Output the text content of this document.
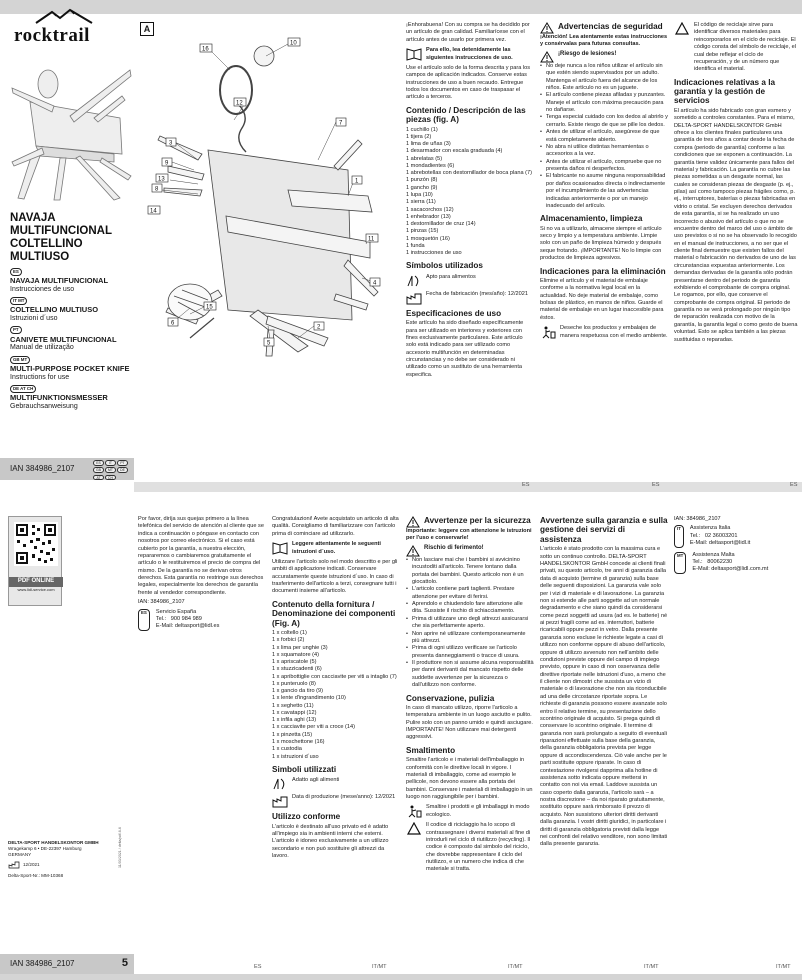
rocktrail
NAVAJA
MULTIFUNCIONAL
COLTELLINO
MULTIUSO
ES
NAVAJA MULTIFUNCIONAL
Instrucciones de uso
IT MT
COLTELLINO MULTIUSO
Istruzioni d´uso
PT
CANIVETE MULTIFUNCIONAL
Manual de utilização
GB MT
MULTI-PURPOSE POCKET KNIFE
Instructions for use
DE AT CH
MULTIFUNKTIONSMESSER
Gebrauchsanweisung
IAN 384986_2107
ES IT PTGB MT DEAT CH
A
16
10
12
7
3
9
13
8
14
1
11
4
15
6
2
5
¡Enhorabuena! Con su compra se ha decidido por un artículo de gran calidad. Familiarícese con el artículo antes de usarlo por primera vez.
Para ello, lea detenidamente las siguientes instrucciones de uso.
Use el artículo solo de la forma descrita y para los campos de aplicación indicados. Conserve estas instrucciones de uso a buen recaudo. Entregue todos los documentos en caso de traspasar el artículo a terceros.
Contenido / Descripción de las piezas (fig. A)
1 cuchillo (1)
1 tijera (2)
1 lima de uñas (3)
1 desarmador con escala graduada (4)
1 abrelatas (5)
1 mondadientes (6)
1 abrebotellas con destornillador de boca plana (7)
1 punzón (8)
1 gancho (9)
1 lupa (10)
1 sierra (11)
1 sacacorchos (12)
1 enhebrador (13)
1 destornillador de cruz (14)
1 pinzas (15)
1 mosquetón (16)
1 funda
1 instrucciones de uso
Símbolos utilizados
Apto para alimentos
Fecha de fabricación (mes/año): 12/2021
Especificaciones de uso
Este artículo ha sido diseñado específicamente para ser utilizado en interiores y exteriores con fines exclusivamente particulares. Este artículo solo está indicado para ser utilizado como accesorio multifunción en determinadas circunstancias y no debe ser considerado ni utilizado como un sustituto de una herramienta especifica.
Advertencias de seguridad
¡Atención! Lea atentamente estas instrucciones y consérvalas para futuras consultas.
¡Riesgo de lesiones!
• No deje nunca a los niños utilizar el artículo sin que estén siendo supervisados por un adulto. Mantenga el artículo fuera del alcance de los niños. Este artículo no es un juguete.
• El artículo contiene piezas afiladas y punzantes. Maneje el artículo con máxima precaución para no dañarse.
• Tenga especial cuidado con los dedos al abrirlo y cerrarlo. Existe riesgo de que se pille los dedos.
• Antes de utilizar el artículo, asegúrese de que está completamente abierto.
• No abra ni utilice distintas herramientas o accesorios a la vez.
• Antes de utilizar el artículo, compruebe que no presenta daños ni desperfectos.
• El fabricante no asume ninguna responsabilidad por daños ocasionados directa o indirectamente por el incumplimiento de las advertencias indicadas anteriormente o por un manejo inadecuado del artículo.
Almacenamiento, limpieza
Si no va a utilizarlo, almacene siempre el artículo seco y limpio y a temperatura ambiente. Limpie solo con un paño de limpieza húmedo y después seque frotando. ¡IMPORTANTE! No lo limpie con productos de limpieza agresivos.
Indicaciones para la eliminación
Elimine el artículo y el material de embalaje conforme a la normativa legal local en la actualidad. No deje material de embalaje, como bolsas de plástico, en manos de niños. Guarde el material de embalaje en un lugar inaccesible para éstos.
Deseche los productos y embalajes de manera respetuosa con el medio ambiente.
El código de reciclaje sirve para identificar diversos materiales para reincorporarlos en el ciclo de reciclaje. El código consta del símbolo de reciclaje, el cual debe reflejar el ciclo de recuperación, y de un número que identifica el material.
Indicaciones relativas a la garantía y la gestión de servicios
El artículo ha sido fabricado con gran esmero y sometido a controles constantes. Para el mismo, DELTA-SPORT HANDELSKONTOR GmbH ofrece a los clientes finales particulares una garantía de tres años a contar desde la fecha de compra (periodo de garantía) conforme a las condiciones que se exponen a continuación. La garantía tiene validez únicamente para fallos del material y fabricación. La garantía no cubre las piezas sometidas a un desgaste normal, las cuales se consideran piezas de desgaste (p. ej., pilas) así como tampoco piezas frágiles como, p. ej., interruptores, baterías o piezas fabricadas en vidrio o cristal. Se excluyen derechos derivados de esta garantía, si se ha realizado un uso incorrecto o abusivo del artículo o que no se encuentre dentro del marco del uso o ámbito de uso previstos o si no se ha observado lo recogido en el manual de instrucciones, a no ser que el cliente final demuestre que existen fallos del material o fabricación no derivados de uno de las circunstancias expuestas anteriormente. Los demandas derivadas de la garantía sólo podrán presentarse dentro del periodo de garantía exhibiendo el comprobante de compra original. Le rogamos, por ello, que conserve el comprobante de compra original. El periodo de garantía no se verá prolongado por ningún tipo de reparación realizada con motivo de la garantía, la garantía legal o como gesto de buena voluntad. Esto se aplica también a las piezas sustituidas o reparadas.
ES	ES	ES
PDF ONLINE
www.lidl-service.com
DELTA-SPORT HANDELSKONTOR GMBH
Wragekamp 6 • DE-22397 Hamburg
GERMANY
12/2021
Delta-Sport-Nr.: MM-10368
11/03/2021 / delta/pdf-6-6
IAN 384986_2107	5
Por favor, diríja sus quejas primero a la línea telefónica del servicio de atención al cliente que se indica a continuación o póngase en contacto con nosotros por correo electrónico. Si el caso está cubierto por la garantía, a nuestra elección, repararemos o cambiaremos gratuitamente el artículo o le restituiremos el precio de compra del mismo. De la garantía no se derivan otros derechos. Esta garantía no restringe sus derechos legales, especialmente los derechos de garantía frente al vendedor correspondiente.
IAN: 384986_2107
ES	Servicio España
Tel.: 900 984 989
E-Mail: deltasport@lidl.es
Congratulazioni! Avete acquistato un articolo di alta qualità. Consigliamo di familiarizzare con l'articolo prima di cominciare ad utilizzarlo.
Leggere attentamente le seguenti istruzioni d´uso.
Utilizzare l'articolo solo nel modo descritto e per gli ambiti di applicazione indicati. Conservare accuratamente queste istruzioni d´uso. In caso di trasferimento dell'articolo a terzi, consegnare tutti i documenti insieme all'articolo.
Contenuto della fornitura / Denominazione dei componenti (Fig. A)
1 x coltello (1)
1 x forbici (2)
1 x lima per unghie (3)
1 x squamatore (4)
1 x apriscatole (5)
1 x stuzzicadenti (6)
1 x apribottiglie con cacciavite per viti a intaglio (7)
1 x punteruolo (8)
1 x gancio da tiro (9)
1 x lente d'ingrandimento (10)
1 x seghetto (11)
1 x cavatappi (12)
1 x infila aghi (13)
1 x cacciavite per viti a croce (14)
1 x pinzetta (15)
1 x moschettone (16)
1 x custodia
1 x istruzioni d´uso
Simboli utilizzati
Adatto agli alimenti
Data di produzione (mese/anno): 12/2021
Utilizzo conforme
L'articolo è destinato all'uso privato ed è adatto all'impiego sia in ambienti interni che esterni. L'articolo è idoneo esclusivamente a un utilizzo secondario e non può sostituire gli attrezzi da lavoro.
Avvertenze per la sicurezza
Importante: leggere con attenzione le istruzioni per l'uso e conservarle!
Rischio di ferimento!
• Non lasciare mai che i bambini si avvicinino incustoditi all'articolo. Tenere lontano dalla portata dei bambini. Questo articolo non è un giocattolo.
• L'articolo contiene parti taglienti. Prestare attenzione per evitare di ferirsi.
• Aprendolo e chiudendolo fare attenzione alle dita. Sussiste il rischio di schiacciamento.
• Prima di utilizzare uno degli attrezzi assicurarsi che sia perfettamente aperto.
• Non aprire né utilizzare contemporaneamente più attrezzi.
• Prima di ogni utilizzo verificare se l'articolo presenta danneggiamenti o tracce di usura.
• Il produttore non si assume alcuna responsabilità per danni derivanti dal mancato rispetto delle suddette avvertenze per la sicurezza o dall'utilizzo non conforme.
Conservazione, pulizia
In caso di mancato utilizzo, riporre l'articolo a temperatura ambiente in un luogo asciutto e pulito. Pulire solo con un panno umido e quindi asciugare. IMPORTANTE! Non utilizzare mai detergenti aggressivi.
Smaltimento
Smaltire l'articolo e i materiali dell'imballaggio in conformità con le direttive locali in vigore. I materiali di imballaggio, come ad esempio le pellicole, non devono essere alla portata dei bambini. Conservare i materiali di imballaggio in un luogo non raggiungibile per i bambini.
Smaltire i prodotti e gli imballaggi in modo ecologico.
Il codice di riciclaggio ha lo scopo di contrassegnare i diversi materiali al fine di introdurli nel ciclo di riutilizzo (recycling). Il codice è composto dal simbolo del riciclo, che dovrebbe rappresentare il ciclo del riutilizzo, e un numero che indica di che materiale si tratta.
Avvertenze sulla garanzia e sulla gestione dei servizi di assistenza
L'articolo è stato prodotto con la massima cura e sotto un continuo controllo. DELTA-SPORT HANDELSKONTOR GmbH concede ai clienti finali privati, su questo articolo, tre anni di garanzia dalla data di acquisto (termine di garanzia) sulla base delle seguenti disposizioni. La garanzia vale solo per i vizi di materiale e di lavorazione. La garanzia non si estende alle parti soggette ad un normale degradamento e che siano quindi da considerarsi come pezzi soggetti ad usura (ad es. le batterie) né ai pezzi fragili come ad es. interruttori, batterie ricaricabili oppure pezzi in vetro. Dalla presente garanzia sono escluse le richieste legate a casi di utilizzo non conforme oppure di abuso dell'articolo, oppure di utilizzo avvenuto non nell'ambito delle condizioni previste oppure del campo di impiego previsto, oppure in caso di non osservanza delle direttive riportate nelle istruzioni d'uso, a meno che il cliente non dimostri che sussista un vizio di materiale o di lavorazione che non sia riconducibile ad una delle circostanze riportate sopra. Le richieste di garanzia possono essere avanzate solo entro il relativo termine, su presentazione dello scontrino originale di acquisto. Si prega quindi di conservare lo scontrino originale. Il termine di garanzia non sarà prolungato a seguito di eventuali riparazioni effettuate sulla base della garanzia, della garanzia obbligatoria prevista per legge oppure di accondiscendenza. Ciò vale anche per le parti sostituite oppure riparate. In caso di contestazione rivolgersi dapprima alla hotline di assistenza sotto indicata oppure mettersi in contatto con noi via email. Laddove sussista un caso coperto dalla garanzia, l'articolo sarà – a nostra discrezione – da noi riparato gratuitamente, sostituito oppure sarà rimborsato il prezzo di acquisto. Non sussistono ulteriori diritti derivanti dalla garanzia. I vostri diritti giuridici, in particolare i diritti di garanzia obbligatoria previsti dalla legge nei confronti del relativo venditore, non sono limitati dalla presente garanzia.
IAN: 384986_2107
IT	Assistenza Italia
Tel.: 02 36003201
E-Mail: deltasport@lidl.it
MT	Assistenza Malta
Tel.: 80062230
E-Mail: deltasport@lidl.com.mt
ES	IT/MT	IT/MT	IT/MT	IT/MT
